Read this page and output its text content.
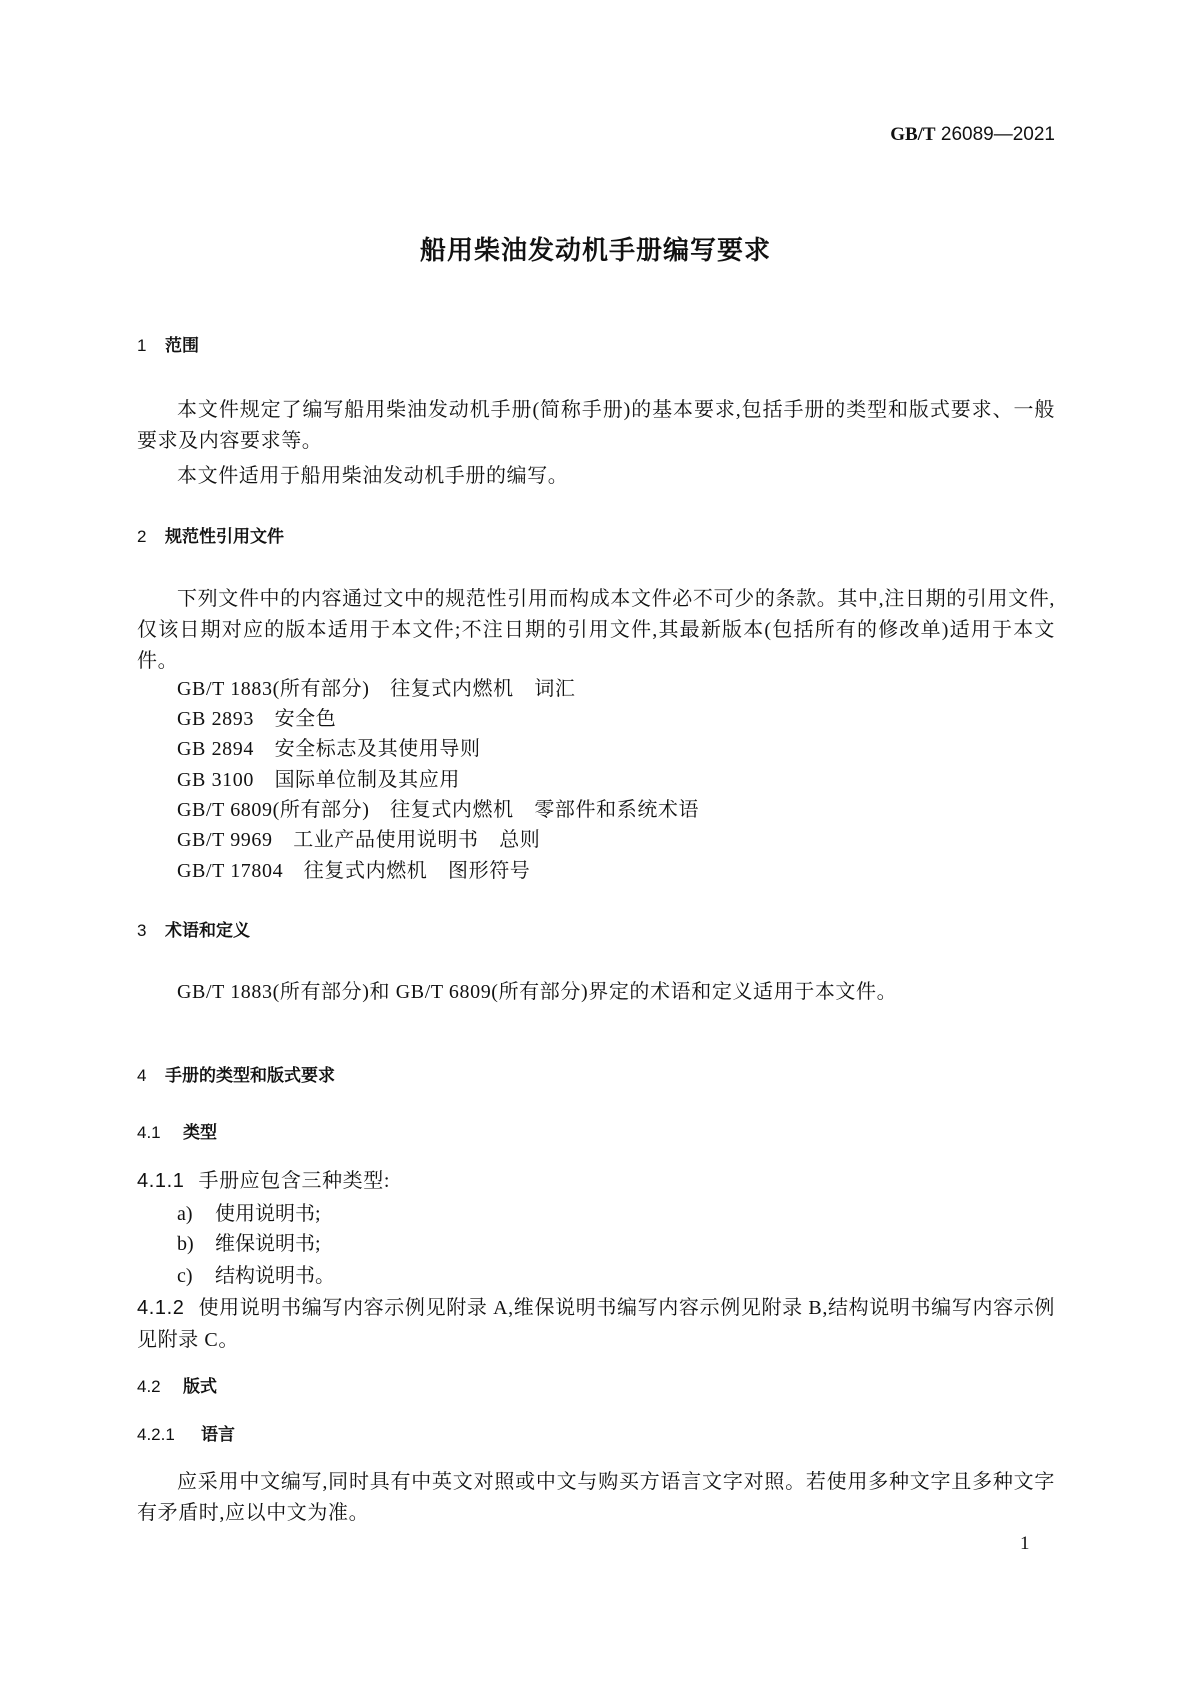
GB/T 26089—2021
船用柴油发动机手册编写要求
1 范围
本文件规定了编写船用柴油发动机手册(简称手册)的基本要求,包括手册的类型和版式要求、一般要求及内容要求等。
本文件适用于船用柴油发动机手册的编写。
2 规范性引用文件
下列文件中的内容通过文中的规范性引用而构成本文件必不可少的条款。其中,注日期的引用文件,仅该日期对应的版本适用于本文件;不注日期的引用文件,其最新版本(包括所有的修改单)适用于本文件。
GB/T 1883(所有部分)　往复式内燃机　词汇
GB 2893　安全色
GB 2894　安全标志及其使用导则
GB 3100　国际单位制及其应用
GB/T 6809(所有部分)　往复式内燃机　零部件和系统术语
GB/T 9969　工业产品使用说明书　总则
GB/T 17804　往复式内燃机　图形符号
3 术语和定义
GB/T 1883(所有部分)和 GB/T 6809(所有部分)界定的术语和定义适用于本文件。
4 手册的类型和版式要求
4.1 类型
4.1.1 手册应包含三种类型:
a) 使用说明书;
b) 维保说明书;
c) 结构说明书。
4.1.2 使用说明书编写内容示例见附录 A,维保说明书编写内容示例见附录 B,结构说明书编写内容示例见附录 C。
4.2 版式
4.2.1 语言
应采用中文编写,同时具有中英文对照或中文与购买方语言文字对照。若使用多种文字且多种文字有矛盾时,应以中文为准。
1
